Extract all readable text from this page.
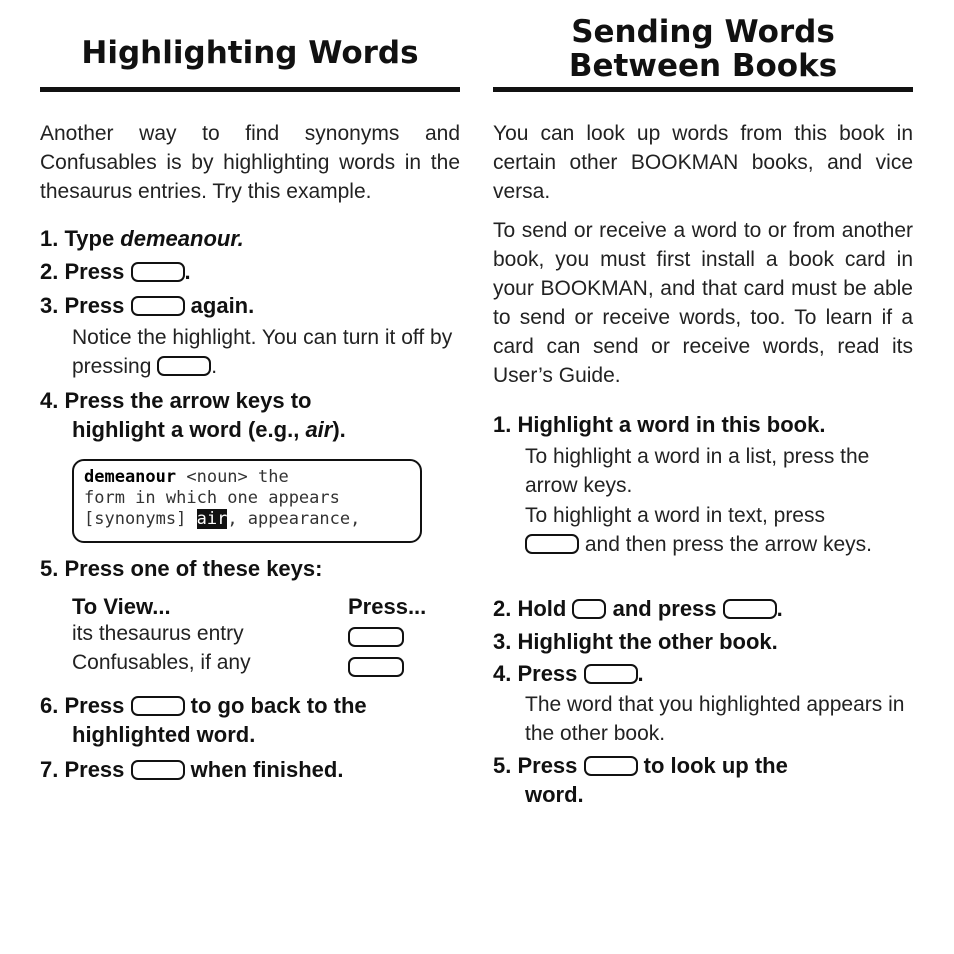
Highlighting Words

Another way to find synonyms and Confusables is by highlighting words in the thesaurus entries. Try this example.

1. Type demeanour.
2. Press	.
3. Press	again.
Notice the highlight. You can turn it off by pressing	.
4. Press the arrow keys to
highlight a word (e.g., air).
demeanour <noun> the
form in which one appears
[synonyms] air, appearance,
5. Press one of these keys:
To View...	Press...
its thesaurus entry
Confusables, if any
6. Press	to go back to the
highlighted word.
7. Press	when finished.
Sending Words
Between Books

You can look up words from this book in certain other BOOKMAN books, and vice versa.

To send or receive a word to or from another book, you must first install a book card in your BOOKMAN, and that card must be able to send or receive words, too. To learn if a card can send or receive words, read its User’s Guide.

1. Highlight a word in this book.
To highlight a word in a list, press the arrow keys.
To highlight a word in text, press
and then press the arrow keys.
2. Hold and press	.
3. Highlight the other book.
4. Press	.
The word that you highlighted appears in the other book.
5. Press	to look up the
word.
